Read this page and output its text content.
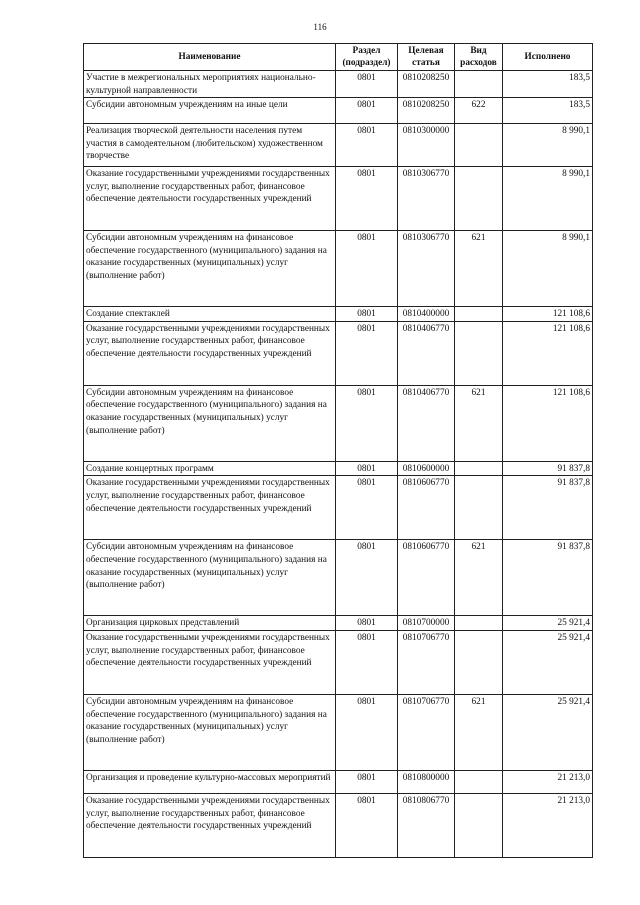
116
Наименование	Раздел (подраздел)	Целевая статья	Вид расходов	Исполнено
Участие в межрегиональных мероприятиях национально-культурной направленности	0801	0810208250		183,5
Субсидии автономным учреждениям на иные цели	0801	0810208250	622	183,5
Реализация творческой деятельности населения путем участия в самодеятельном (любительском) художественном творчестве	0801	0810300000		8 990,1
Оказание государственными учреждениями государственных услуг, выполнение государственных работ, финансовое обеспечение деятельности государственных учреждений	0801	0810306770		8 990,1
Субсидии автономным учреждениям на финансовое обеспечение государственного (муниципального) задания на оказание государственных (муниципальных) услуг (выполнение работ)	0801	0810306770	621	8 990,1
Создание спектаклей	0801	0810400000		121 108,6
Оказание государственными учреждениями государственных услуг, выполнение государственных работ, финансовое обеспечение деятельности государственных учреждений	0801	0810406770		121 108,6
Субсидии автономным учреждениям на финансовое обеспечение государственного (муниципального) задания на оказание государственных (муниципальных) услуг (выполнение работ)	0801	0810406770	621	121 108,6
Создание концертных программ	0801	0810600000		91 837,8
Оказание государственными учреждениями государственных услуг, выполнение государственных работ, финансовое обеспечение деятельности государственных учреждений	0801	0810606770		91 837,8
Субсидии автономным учреждениям на финансовое обеспечение государственного (муниципального) задания на оказание государственных (муниципальных) услуг (выполнение работ)	0801	0810606770	621	91 837,8
Организация цирковых представлений	0801	0810700000		25 921,4
Оказание государственными учреждениями государственных услуг, выполнение государственных работ, финансовое обеспечение деятельности государственных учреждений	0801	0810706770		25 921,4
Субсидии автономным учреждениям на финансовое обеспечение государственного (муниципального) задания на оказание государственных (муниципальных) услуг (выполнение работ)	0801	0810706770	621	25 921,4
Организация и проведение культурно-массовых мероприятий	0801	0810800000		21 213,0
Оказание государственными учреждениями государственных услуг, выполнение государственных работ, финансовое обеспечение деятельности государственных учреждений	0801	0810806770		21 213,0
